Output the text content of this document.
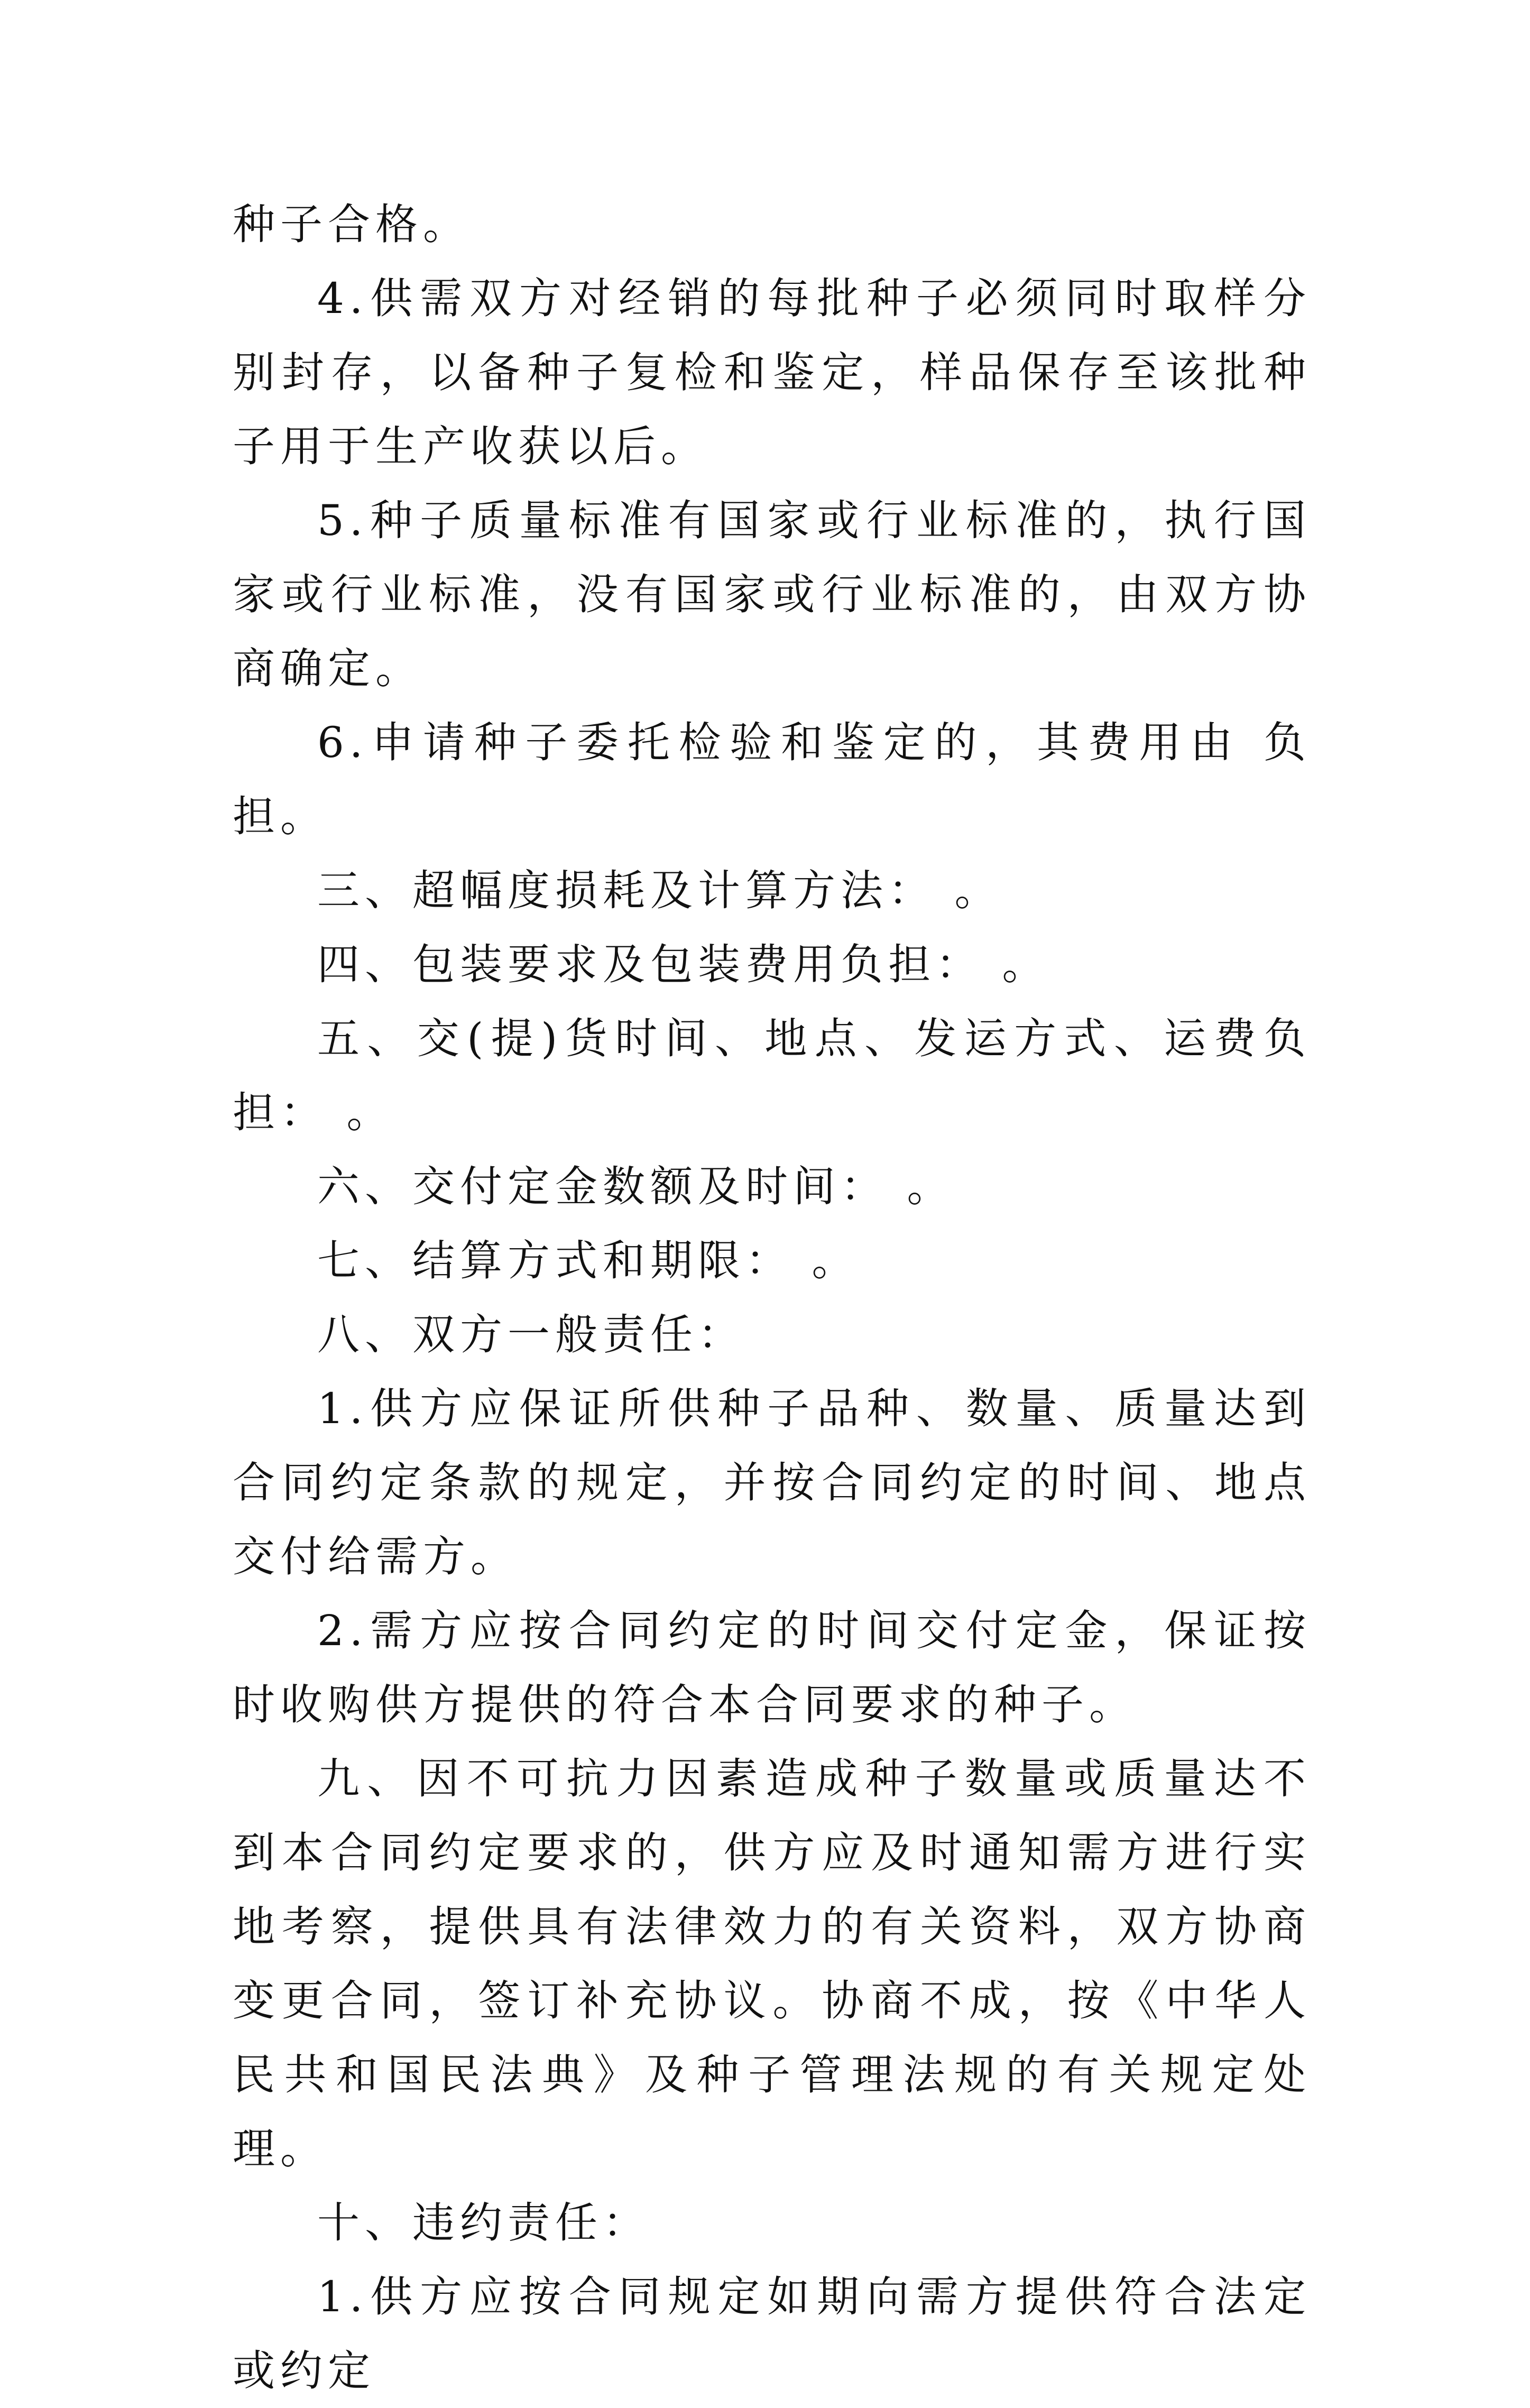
种子合格。

4.供需双方对经销的每批种子必须同时取样分别封存，以备种子复检和鉴定，样品保存至该批种子用于生产收获以后。

5.种子质量标准有国家或行业标准的，执行国家或行业标准，没有国家或行业标准的，由双方协商确定。

6.申请种子委托检验和鉴定的，其费用由 负担。

三、超幅度损耗及计算方法： 。

四、包装要求及包装费用负担： 。

五、交(提)货时间、地点、发运方式、运费负担： 。

六、交付定金数额及时间： 。

七、结算方式和期限： 。

八、双方一般责任：

1.供方应保证所供种子品种、数量、质量达到合同约定条款的规定，并按合同约定的时间、地点交付给需方。

2.需方应按合同约定的时间交付定金，保证按时收购供方提供的符合本合同要求的种子。

九、因不可抗力因素造成种子数量或质量达不到本合同约定要求的，供方应及时通知需方进行实地考察，提供具有法律效力的有关资料，双方协商变更合同，签订补充协议。协商不成，按《中华人民共和国民法典》及种子管理法规的有关规定处理。

十、违约责任：

1.供方应按合同规定如期向需方提供符合法定或约定
